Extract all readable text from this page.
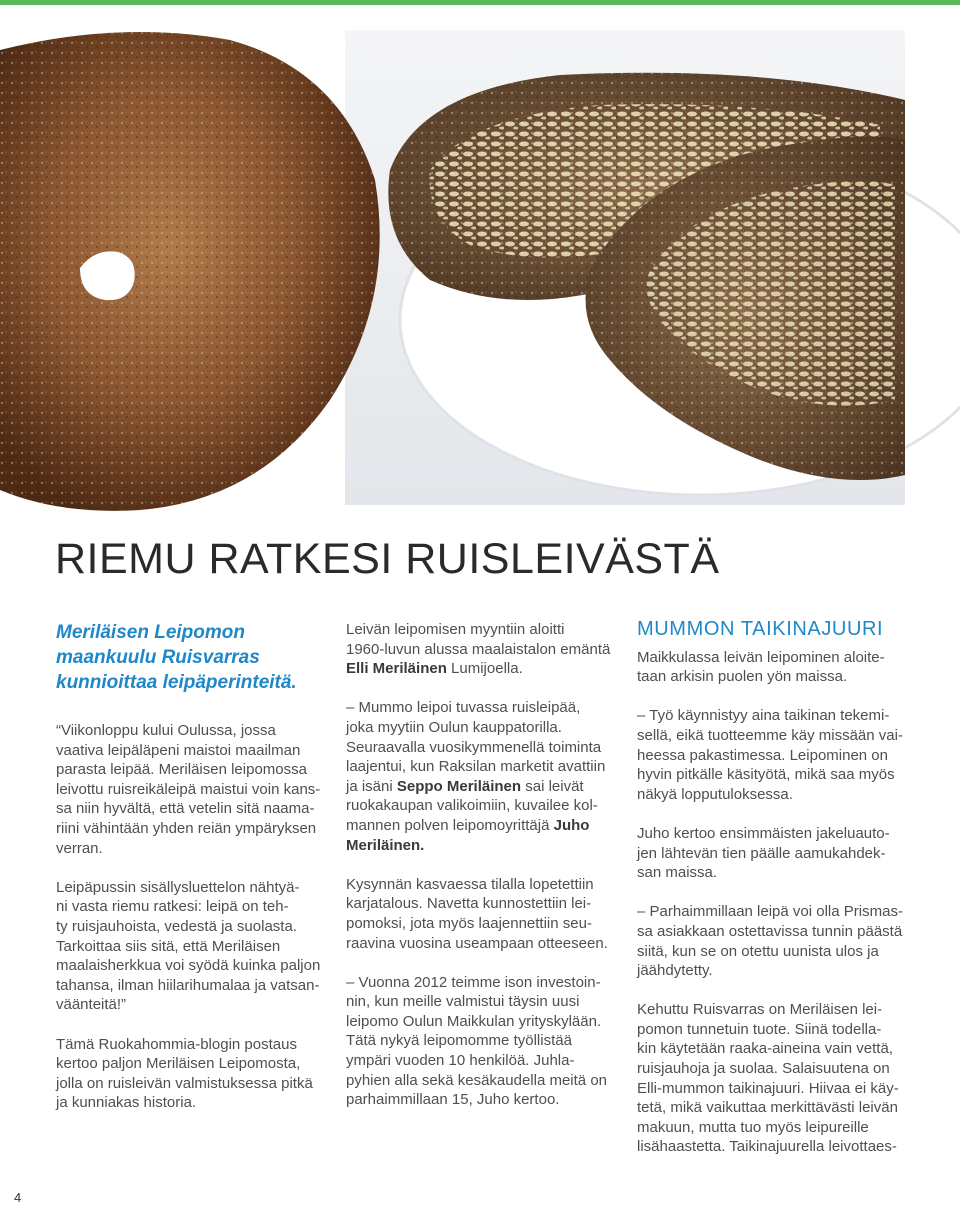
RIEMU RATKESI RUISLEIVÄSTÄ
Meriläisen Leipomon
maankuulu Ruisvarras
kunnioittaa leipäperinteitä.

“Viikonloppu kului Oulussa, jossa
vaativa leipäläpeni maistoi maailman
parasta leipää. Meriläisen leipomossa
leivottu ruisreikäleipä maistui voin kans-
sa niin hyvältä, että vetelin sitä naama-
riini vähintään yhden reiän ympäryksen
verran.

Leipäpussin sisällysluettelon nähtyä-
ni vasta riemu ratkesi: leipä on teh-
ty ruisjauhoista, vedestä ja suolasta.
Tarkoittaa siis sitä, että Meriläisen
maalaisherkkua voi syödä kuinka paljon
tahansa, ilman hiilarihumalaa ja vatsan-
väänteitä!”

Tämä Ruokahommia-blogin postaus
kertoo paljon Meriläisen Leipomosta,
jolla on ruisleivän valmistuksessa pitkä
ja kunniakas historia.

Leivän leipomisen myyntiin aloitti
1960-luvun alussa maalaistalon emäntä
Elli Meriläinen Lumijoella.

– Mummo leipoi tuvassa ruisleipää,
joka myytiin Oulun kauppatorilla.
Seuraavalla vuosikymmenellä toiminta
laajentui, kun Raksilan marketit avattiin
ja isäni Seppo Meriläinen sai leivät
ruokakaupan valikoimiin, kuvailee kol-
mannen polven leipomoyrittäjä Juho
Meriläinen.

Kysynnän kasvaessa tilalla lopetettiin
karjatalous. Navetta kunnostettiin lei-
pomoksi, jota myös laajennettiin seu-
raavina vuosina useampaan otteeseen.

– Vuonna 2012 teimme ison investoin-
nin, kun meille valmistui täysin uusi
leipomo Oulun Maikkulan yrityskylään.
Tätä nykyä leipomomme työllistää
ympäri vuoden 10 henkilöä. Juhla-
pyhien alla sekä kesäkaudella meitä on
parhaimmillaan 15, Juho kertoo.

MUMMON TAIKINAJUURI

Maikkulassa leivän leipominen aloite-
taan arkisin puolen yön maissa.

– Työ käynnistyy aina taikinan tekemi-
sellä, eikä tuotteemme käy missään vai-
heessa pakastimessa. Leipominen on
hyvin pitkälle käsityötä, mikä saa myös
näkyä lopputuloksessa.

Juho kertoo ensimmäisten jakeluauto-
jen lähtevän tien päälle aamukahdek-
san maissa.

– Parhaimmillaan leipä voi olla Prismas-
sa asiakkaan ostettavissa tunnin päästä
siitä, kun se on otettu uunista ulos ja
jäähdytetty.

Kehuttu Ruisvarras on Meriläisen lei-
pomon tunnetuin tuote. Siinä todella-
kin käytetään raaka-aineina vain vettä,
ruisjauhoja ja suolaa. Salaisuutena on
Elli-mummon taikinajuuri. Hiivaa ei käy-
tetä, mikä vaikuttaa merkittävästi leivän
makuun, mutta tuo myös leipureille
lisähaastetta. Taikinajuurella leivottaes-

4
